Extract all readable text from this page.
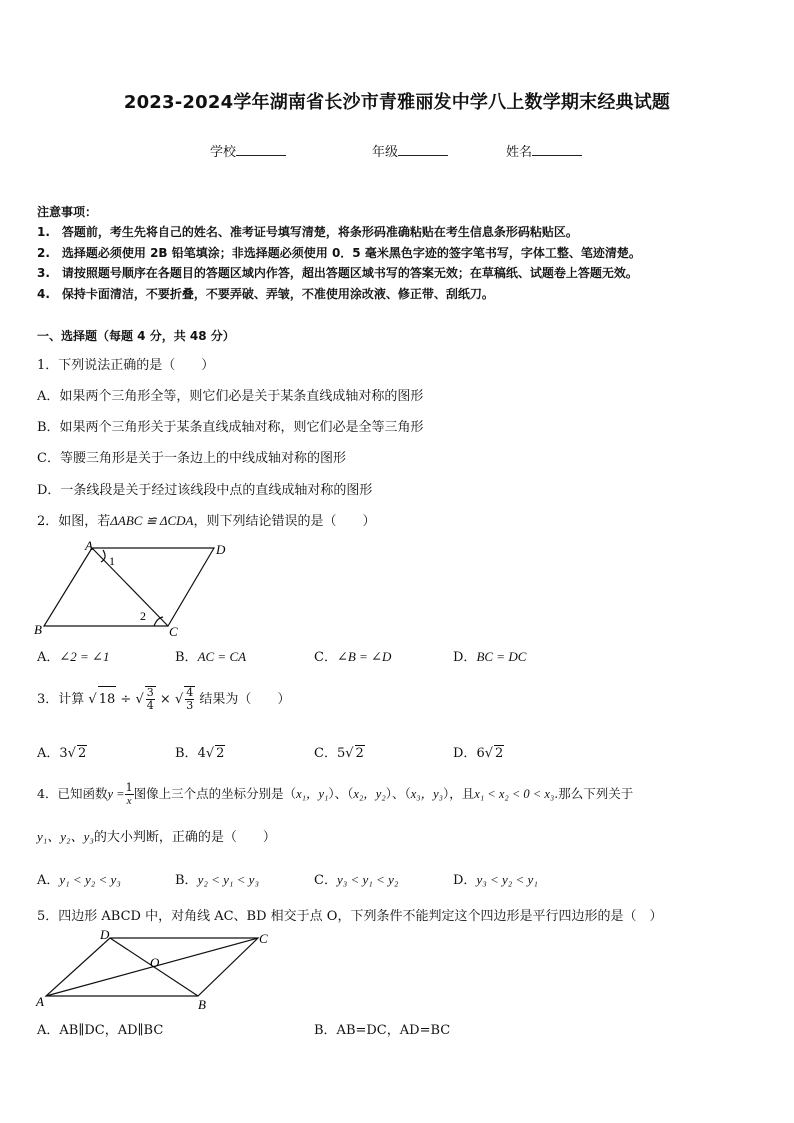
2023-2024学年湖南省长沙市青雅丽发中学八上数学期末经典试题
学校	年级	姓名
注意事项：
1.　答题前，考生先将自己的姓名、准考证号填写清楚，将条形码准确粘贴在考生信息条形码粘贴区。
2.　选择题必须使用 2B 铅笔填涂；非选择题必须使用 0．5 毫米黑色字迹的签字笔书写，字体工整、笔迹清楚。
3.　请按照题号顺序在各题目的答题区域内作答，超出答题区域书写的答案无效；在草稿纸、试题卷上答题无效。
4.　保持卡面清洁，不要折叠，不要弄破、弄皱，不准使用涂改液、修正带、刮纸刀。
一、选择题（每题 4 分，共 48 分）
1．下列说法正确的是（　　）
A．如果两个三角形全等，则它们必是关于某条直线成轴对称的图形
B．如果两个三角形关于某条直线成轴对称，则它们必是全等三角形
C．等腰三角形是关于一条边上的中线成轴对称的图形
D．一条线段是关于经过该线段中点的直线成轴对称的图形
2．如图，若ΔABC ≌ ΔCDA，则下列结论错误的是（　　）
A	D
B	C
1
2
A．∠2 = ∠1	B．AC = CA	C．∠B = ∠D	D．BC = DC
3．计算 √ 18 ÷ √ $\frac{3}{4}$ × √ $\frac{4}{3}$ 结果为（　　）
A．3√ 2	B．4√ 2	C．5√ 2	D．6√ 2
4．已知函数$y = \frac{1}{x}$ 图像上三个点的坐标分别是（x₁，y₁）、（x₂，y₂）、（x₃，y₃），且x₁ < x₂ < 0 < x₃.那么下列关于
y₁、y₂、y₃的大小判断，正确的是（　　）
A．y₁ < y₂ < y₃	B．y₂ < y₁ < y₃	C．y₃ < y₁ < y₂	D．y₃ < y₂ < y₁
5．四边形 ABCD 中，对角线 AC、BD 相交于点 O，下列条件不能判定这个四边形是平行四边形的是（　）
D	C
A	B
O
A．AB∥DC，AD∥BC	B．AB=DC，AD=BC
